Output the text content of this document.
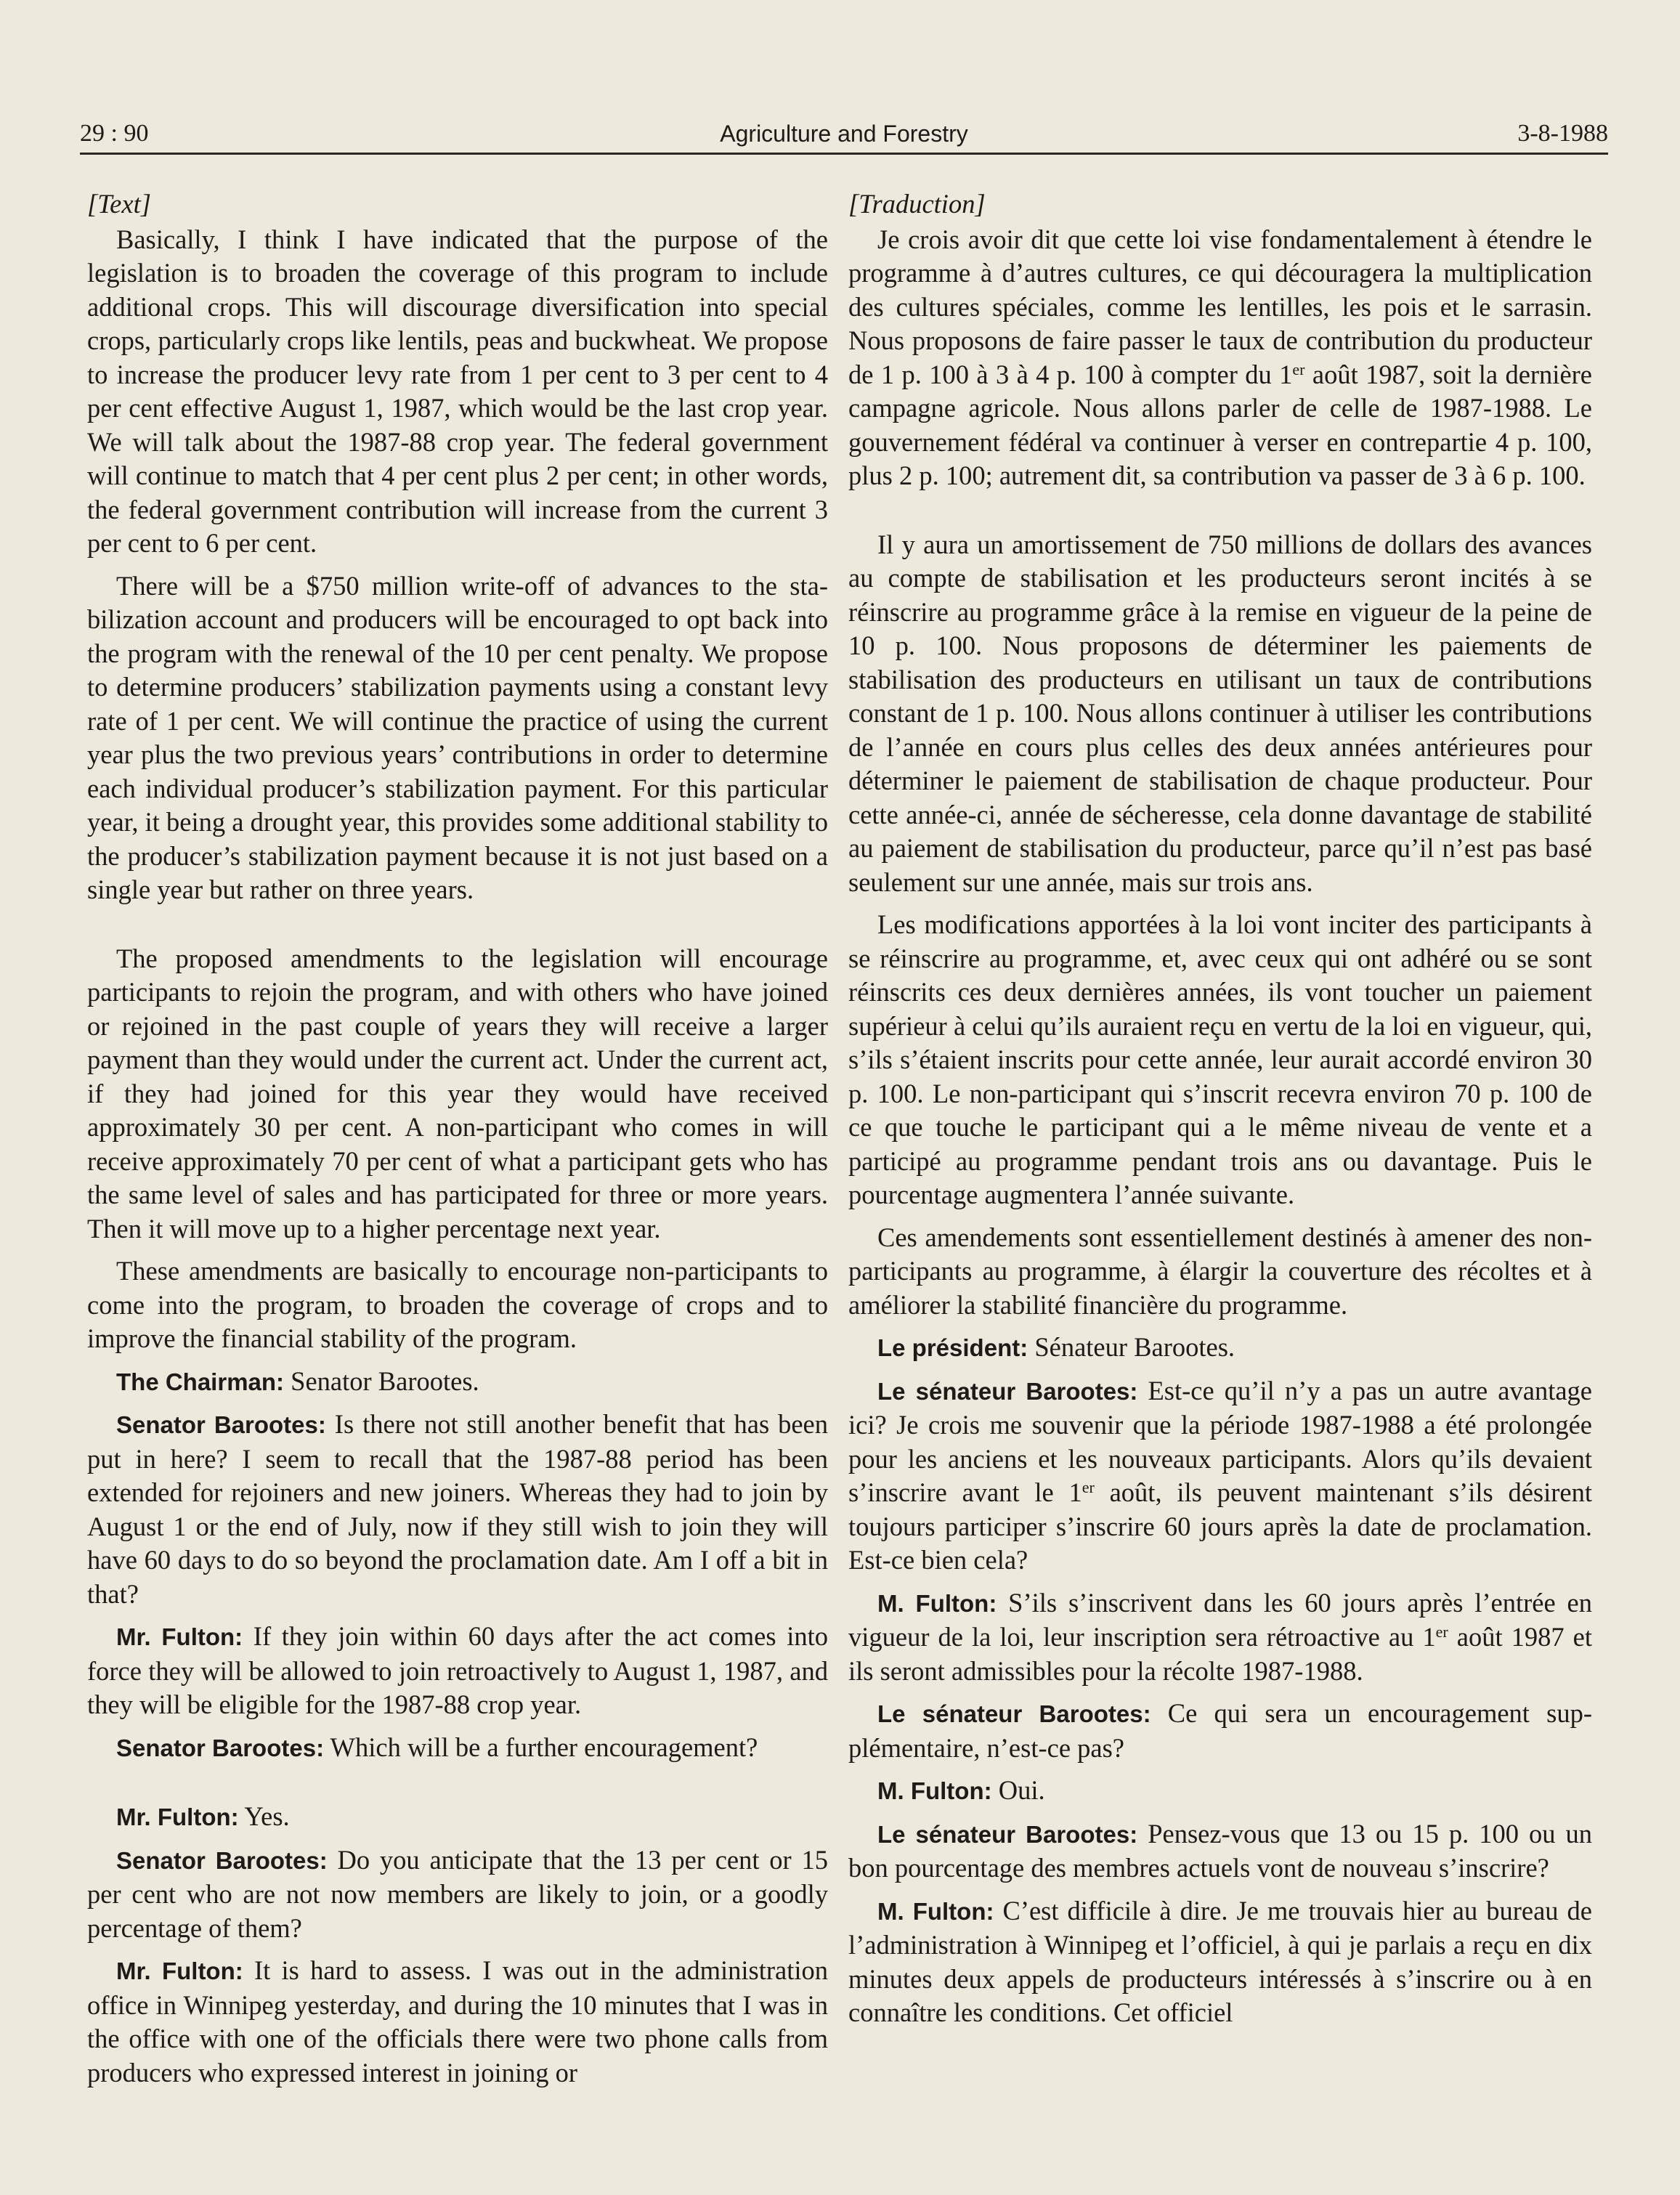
29 : 90	Agriculture and Forestry	3-8-1988

[Text]

Basically, I think I have indicated that the purpose of the legislation is to broaden the coverage of this program to include additional crops. This will discourage diversification into special crops, particularly crops like lentils, peas and buckwheat. We propose to increase the producer levy rate from 1 per cent to 3 per cent to 4 per cent effective August 1, 1987, which would be the last crop year. We will talk about the 1987-88 crop year. The federal government will continue to match that 4 per cent plus 2 per cent; in other words, the federal government contribution will increase from the current 3 per cent to 6 per cent.

There will be a $750 million write-off of advances to the stabilization account and producers will be encouraged to opt back into the program with the renewal of the 10 per cent penalty. We propose to determine producers’ stabilization payments using a constant levy rate of 1 per cent. We will continue the practice of using the current year plus the two previous years’ contributions in order to determine each individual producer’s stabilization payment. For this particular year, it being a drought year, this provides some additional stability to the producer’s stabilization payment because it is not just based on a single year but rather on three years.

The proposed amendments to the legislation will encourage participants to rejoin the program, and with others who have joined or rejoined in the past couple of years they will receive a larger payment than they would under the current act. Under the current act, if they had joined for this year they would have received approximately 30 per cent. A non-participant who comes in will receive approximately 70 per cent of what a participant gets who has the same level of sales and has participated for three or more years. Then it will move up to a higher percentage next year.

These amendments are basically to encourage non-participants to come into the program, to broaden the coverage of crops and to improve the financial stability of the program.

The Chairman: Senator Barootes.

Senator Barootes: Is there not still another benefit that has been put in here? I seem to recall that the 1987-88 period has been extended for rejoiners and new joiners. Whereas they had to join by August 1 or the end of July, now if they still wish to join they will have 60 days to do so beyond the proclamation date. Am I off a bit in that?

Mr. Fulton: If they join within 60 days after the act comes into force they will be allowed to join retroactively to August 1, 1987, and they will be eligible for the 1987-88 crop year.

Senator Barootes: Which will be a further encouragement?

Mr. Fulton: Yes.

Senator Barootes: Do you anticipate that the 13 per cent or 15 per cent who are not now members are likely to join, or a goodly percentage of them?

Mr. Fulton: It is hard to assess. I was out in the administration office in Winnipeg yesterday, and during the 10 minutes that I was in the office with one of the officials there were two phone calls from producers who expressed interest in joining or

[Traduction]

Je crois avoir dit que cette loi vise fondamentalement à étendre le programme à d’autres cultures, ce qui découragera la multiplication des cultures spéciales, comme les lentilles, les pois et le sarrasin. Nous proposons de faire passer le taux de contribution du producteur de 1 p. 100 à 3 à 4 p. 100 à compter du 1er août 1987, soit la dernière campagne agricole. Nous allons parler de celle de 1987-1988. Le gouvernement fédéral va continuer à verser en contrepartie 4 p. 100, plus 2 p. 100; autrement dit, sa contribution va passer de 3 à 6 p. 100.

Il y aura un amortissement de 750 millions de dollars des avances au compte de stabilisation et les producteurs seront incités à se réinscrire au programme grâce à la remise en vigueur de la peine de 10 p. 100. Nous proposons de déterminer les paiements de stabilisation des producteurs en utilisant un taux de contributions constant de 1 p. 100. Nous allons continuer à utiliser les contributions de l’année en cours plus celles des deux années antérieures pour déterminer le paiement de stabilisation de chaque producteur. Pour cette année-ci, année de sécheresse, cela donne davantage de stabilité au paiement de stabilisation du producteur, parce qu’il n’est pas basé seulement sur une année, mais sur trois ans.

Les modifications apportées à la loi vont inciter des participants à se réinscrire au programme, et, avec ceux qui ont adhéré ou se sont réinscrits ces deux dernières années, ils vont toucher un paiement supérieur à celui qu’ils auraient reçu en vertu de la loi en vigueur, qui, s’ils s’étaient inscrits pour cette année, leur aurait accordé environ 30 p. 100. Le non-participant qui s’inscrit recevra environ 70 p. 100 de ce que touche le participant qui a le même niveau de vente et a participé au programme pendant trois ans ou davantage. Puis le pourcentage augmentera l’année suivante.

Ces amendements sont essentiellement destinés à amener des non-participants au programme, à élargir la couverture des récoltes et à améliorer la stabilité financière du programme.

Le président: Sénateur Barootes.

Le sénateur Barootes: Est-ce qu’il n’y a pas un autre avantage ici? Je crois me souvenir que la période 1987-1988 a été prolongée pour les anciens et les nouveaux participants. Alors qu’ils devaient s’inscrire avant le 1er août, ils peuvent maintenant s’ils désirent toujours participer s’inscrire 60 jours après la date de proclamation. Est-ce bien cela?

M. Fulton: S’ils s’inscrivent dans les 60 jours après l’entrée en vigueur de la loi, leur inscription sera rétroactive au 1er août 1987 et ils seront admissibles pour la récolte 1987-1988.

Le sénateur Barootes: Ce qui sera un encouragement supplémentaire, n’est-ce pas?

M. Fulton: Oui.

Le sénateur Barootes: Pensez-vous que 13 ou 15 p. 100 ou un bon pourcentage des membres actuels vont de nouveau s’inscrire?

M. Fulton: C’est difficile à dire. Je me trouvais hier au bureau de l’administration à Winnipeg et l’officiel, à qui je parlais a reçu en dix minutes deux appels de producteurs intéressés à s’inscrire ou à en connaître les conditions. Cet officiel
